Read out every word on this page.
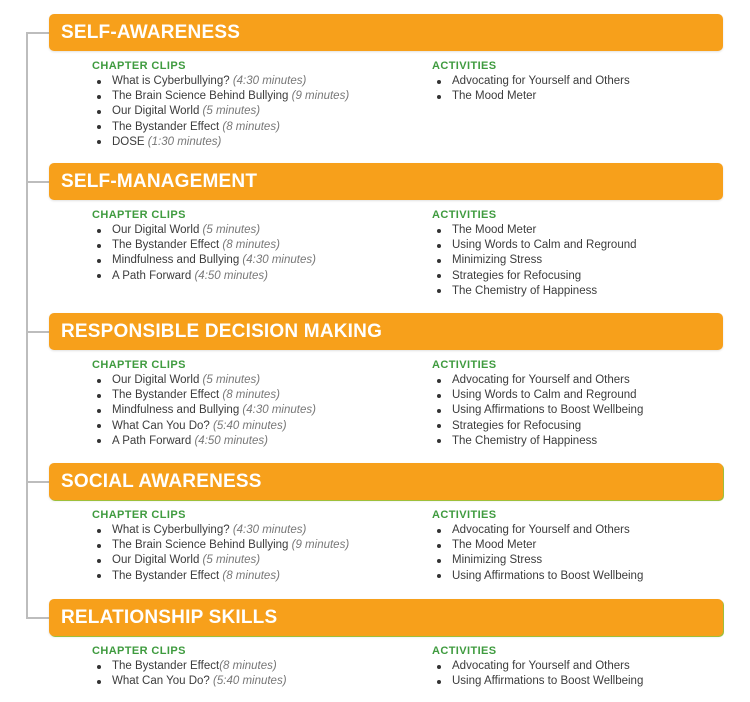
SELF-AWARENESS
CHAPTER CLIPS
What is Cyberbullying? (4:30 minutes)
The Brain Science Behind Bullying (9 minutes)
Our Digital World (5 minutes)
The Bystander Effect (8 minutes)
DOSE (1:30 minutes)
ACTIVITIES
Advocating for Yourself and Others
The Mood Meter
SELF-MANAGEMENT
CHAPTER CLIPS
Our Digital World (5 minutes)
The Bystander Effect (8 minutes)
Mindfulness and Bullying (4:30 minutes)
A Path Forward (4:50 minutes)
ACTIVITIES
The Mood Meter
Using Words to Calm and Reground
Minimizing Stress
Strategies for Refocusing
The Chemistry of Happiness
RESPONSIBLE DECISION MAKING
CHAPTER CLIPS
Our Digital World (5 minutes)
The Bystander Effect (8 minutes)
Mindfulness and Bullying (4:30 minutes)
What Can You Do? (5:40 minutes)
A Path Forward (4:50 minutes)
ACTIVITIES
Advocating for Yourself and Others
Using Words to Calm and Reground
Using Affirmations to Boost Wellbeing
Strategies for Refocusing
The Chemistry of Happiness
SOCIAL AWARENESS
CHAPTER CLIPS
What is Cyberbullying? (4:30 minutes)
The Brain Science Behind Bullying (9 minutes)
Our Digital World (5 minutes)
The Bystander Effect (8 minutes)
ACTIVITIES
Advocating for Yourself and Others
The Mood Meter
Minimizing Stress
Using Affirmations to Boost Wellbeing
RELATIONSHIP SKILLS
CHAPTER CLIPS
The Bystander Effect(8 minutes)
What Can You Do? (5:40 minutes)
ACTIVITIES
Advocating for Yourself and Others
Using Affirmations to Boost Wellbeing
